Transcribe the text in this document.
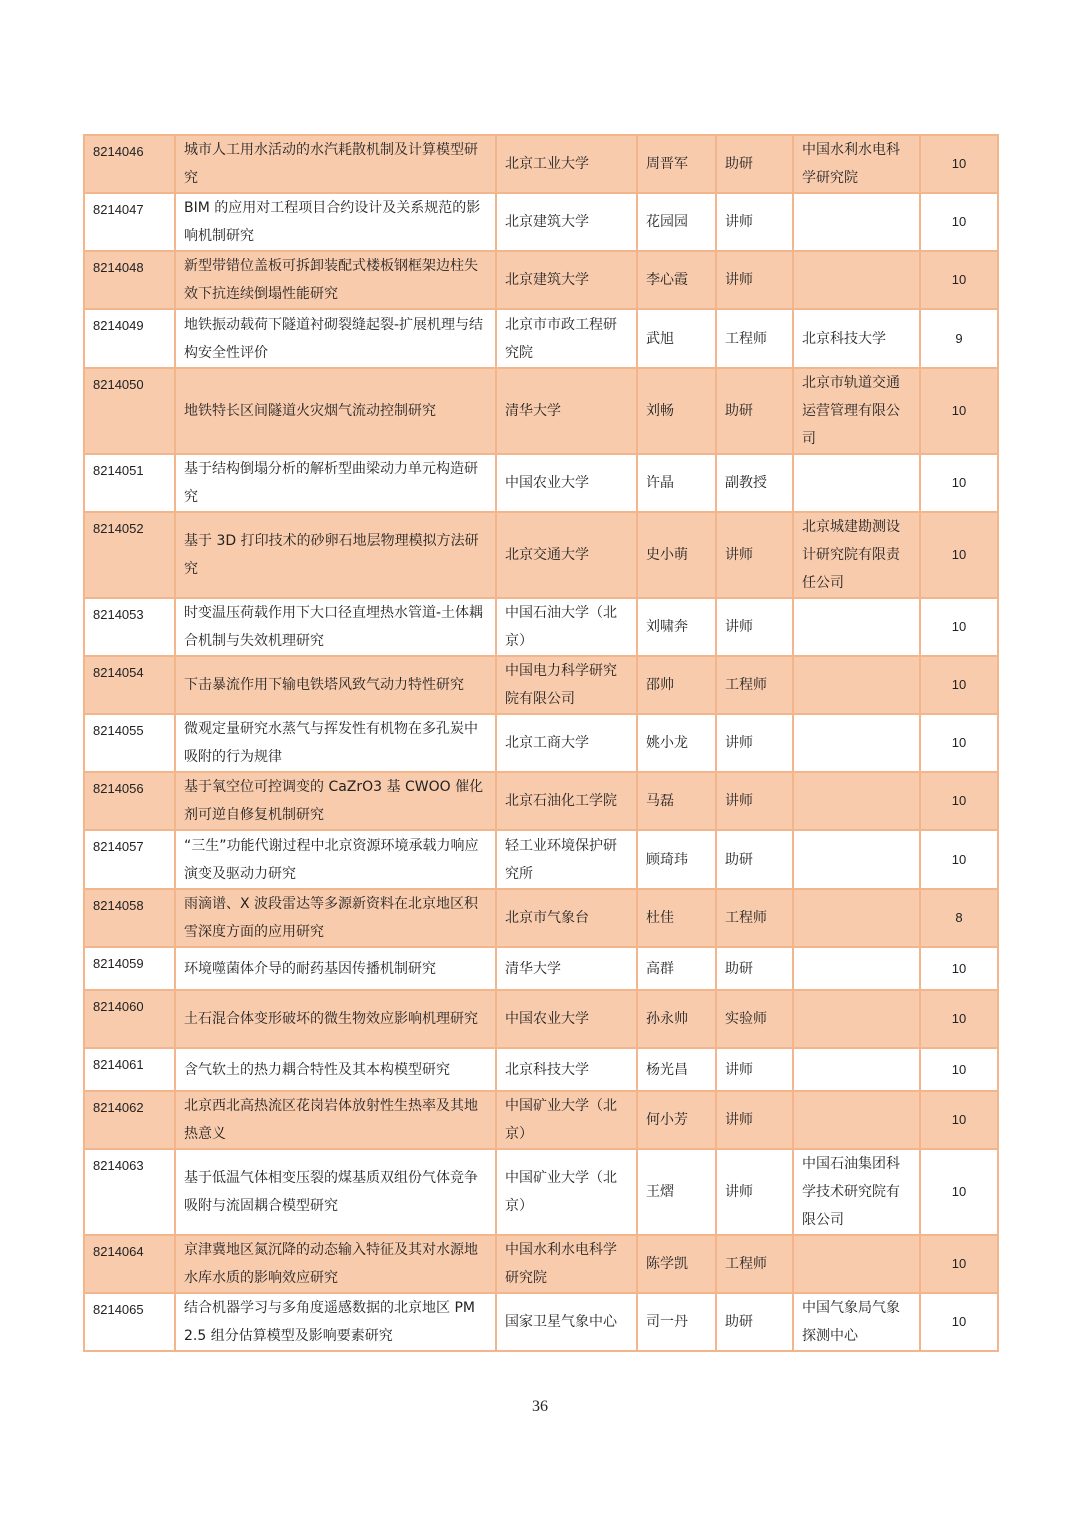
8214046	城市人工用水活动的水汽耗散机制及计算模型研究	北京工业大学	周晋军	助研	中国水利水电科学研究院	10
8214047	BIM 的应用对工程项目合约设计及关系规范的影响机制研究	北京建筑大学	花园园	讲师		10
8214048	新型带错位盖板可拆卸装配式楼板钢框架边柱失效下抗连续倒塌性能研究	北京建筑大学	李心霞	讲师		10
8214049	地铁振动载荷下隧道衬砌裂缝起裂-扩展机理与结构安全性评价	北京市市政工程研究院	武旭	工程师	北京科技大学	9
8214050	地铁特长区间隧道火灾烟气流动控制研究	清华大学	刘畅	助研	北京市轨道交通运营管理有限公司	10
8214051	基于结构倒塌分析的解析型曲梁动力单元构造研究	中国农业大学	许晶	副教授		10
8214052	基于 3D 打印技术的砂卵石地层物理模拟方法研究	北京交通大学	史小萌	讲师	北京城建勘测设计研究院有限责任公司	10
8214053	时变温压荷载作用下大口径直埋热水管道-土体耦合机制与失效机理研究	中国石油大学（北京）	刘啸奔	讲师		10
8214054	下击暴流作用下输电铁塔风致气动力特性研究	中国电力科学研究院有限公司	邵帅	工程师		10
8214055	微观定量研究水蒸气与挥发性有机物在多孔炭中吸附的行为规律	北京工商大学	姚小龙	讲师		10
8214056	基于氧空位可控调变的 CaZrO3 基 CWOO 催化剂可逆自修复机制研究	北京石油化工学院	马磊	讲师		10
8214057	“三生”功能代谢过程中北京资源环境承载力响应演变及驱动力研究	轻工业环境保护研究所	顾琦玮	助研		10
8214058	雨滴谱、X 波段雷达等多源新资料在北京地区积雪深度方面的应用研究	北京市气象台	杜佳	工程师		8
8214059	环境噬菌体介导的耐药基因传播机制研究	清华大学	高群	助研		10
8214060	土石混合体变形破坏的微生物效应影响机理研究	中国农业大学	孙永帅	实验师		10
8214061	含气软土的热力耦合特性及其本构模型研究	北京科技大学	杨光昌	讲师		10
8214062	北京西北高热流区花岗岩体放射性生热率及其地热意义	中国矿业大学（北京）	何小芳	讲师		10
8214063	基于低温气体相变压裂的煤基质双组份气体竞争吸附与流固耦合模型研究	中国矿业大学（北京）	王熠	讲师	中国石油集团科学技术研究院有限公司	10
8214064	京津冀地区氮沉降的动态输入特征及其对水源地水库水质的影响效应研究	中国水利水电科学研究院	陈学凯	工程师		10
8214065	结合机器学习与多角度遥感数据的北京地区 PM2.5 组分估算模型及影响要素研究	国家卫星气象中心	司一丹	助研	中国气象局气象探测中心	10
36
